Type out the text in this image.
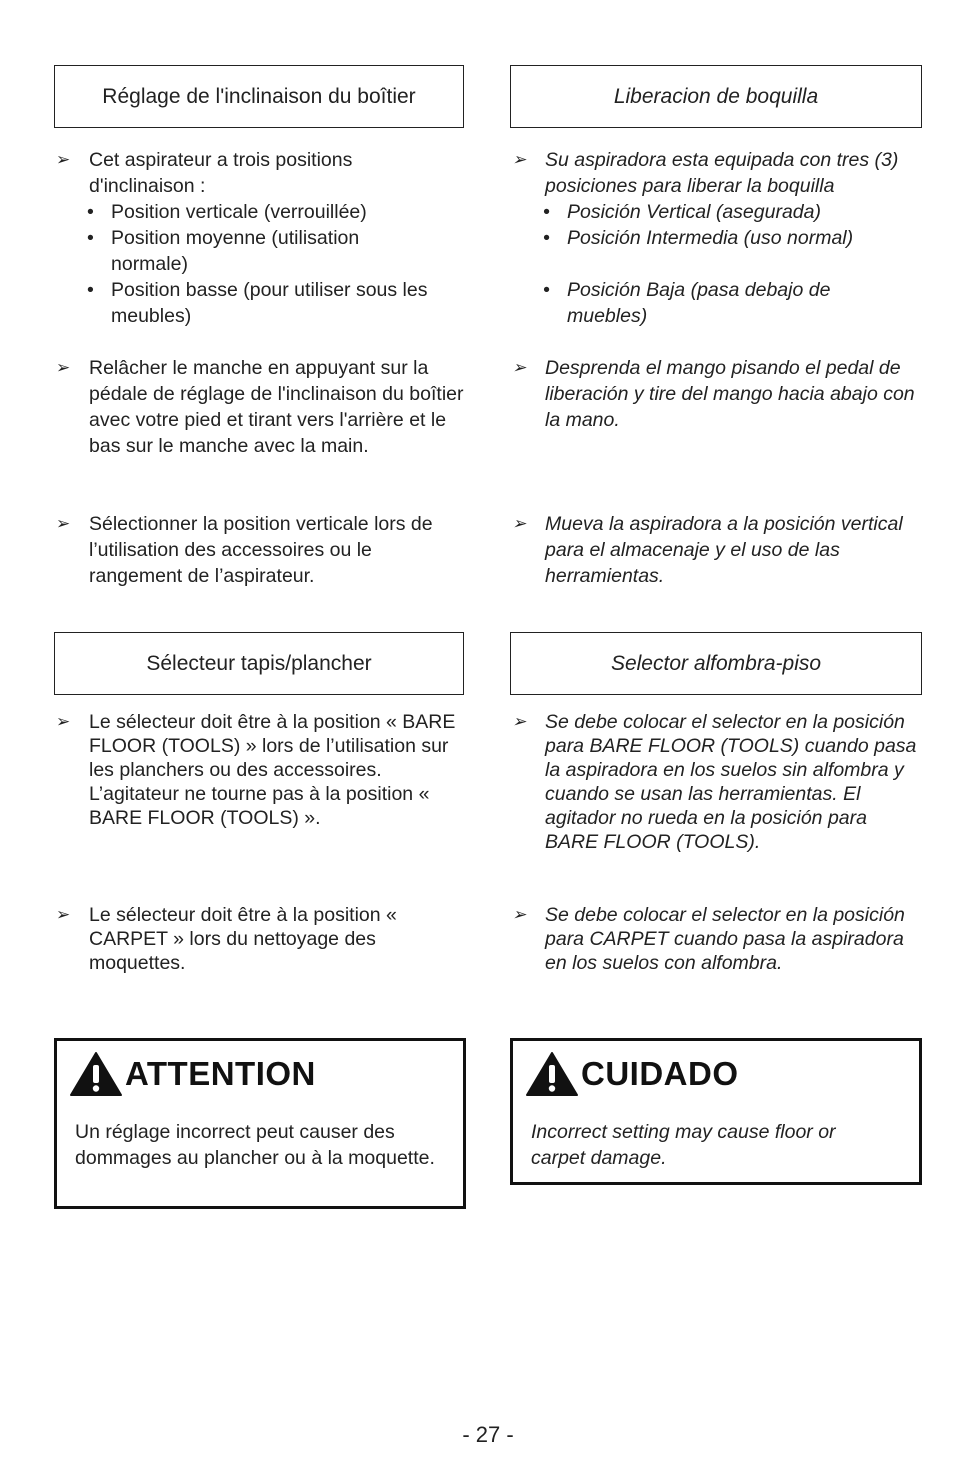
Réglage de l'inclinaison du boîtier
➢ Cet aspirateur a trois positions d'inclinaison :
• Position verticale (verrouillée)
• Position moyenne (utilisation normale)
• Position basse (pour utiliser sous les meubles)
➢ Relâcher le manche en appuyant sur la pédale de réglage de l'inclinaison du boîtier avec votre pied et tirant vers l'arrière et le bas sur le manche avec la main.
➢ Sélectionner la position verticale lors de l’utilisation des accessoires ou le rangement de l’aspirateur.
Sélecteur tapis/plancher
➢ Le sélecteur doit être à la position « BARE FLOOR (TOOLS) » lors de l’utilisation sur les planchers ou des accessoires. L’agitateur ne tourne pas à la position « BARE FLOOR (TOOLS) ».
➢ Le sélecteur doit être à la position « CARPET » lors du nettoyage des moquettes.
ATTENTION
Un réglage incorrect peut causer des dommages au plancher ou à la moquette.
Liberacion de boquilla
➢ Su aspiradora esta equipada con tres (3) posiciones para liberar la boquilla
• Posición Vertical (asegurada)
• Posición Intermedia (uso normal)
• Posición Baja (pasa debajo de muebles)
➢ Desprenda el mango pisando el pedal de liberación y tire del mango hacia abajo con la mano.
➢ Mueva la aspiradora a la posición vertical para el almacenaje y el uso de las herramientas.
Selector alfombra-piso
➢ Se debe colocar el selector en la posición para BARE FLOOR (TOOLS) cuando pasa la aspiradora en los suelos sin alfombra y cuando se usan las herramientas. El agitador no rueda en la posición para BARE FLOOR (TOOLS).
➢ Se debe colocar el selector en la posición para CARPET cuando pasa la aspiradora en los suelos con alfombra.
CUIDADO
Incorrect setting may cause floor or carpet damage.
- 27 -
